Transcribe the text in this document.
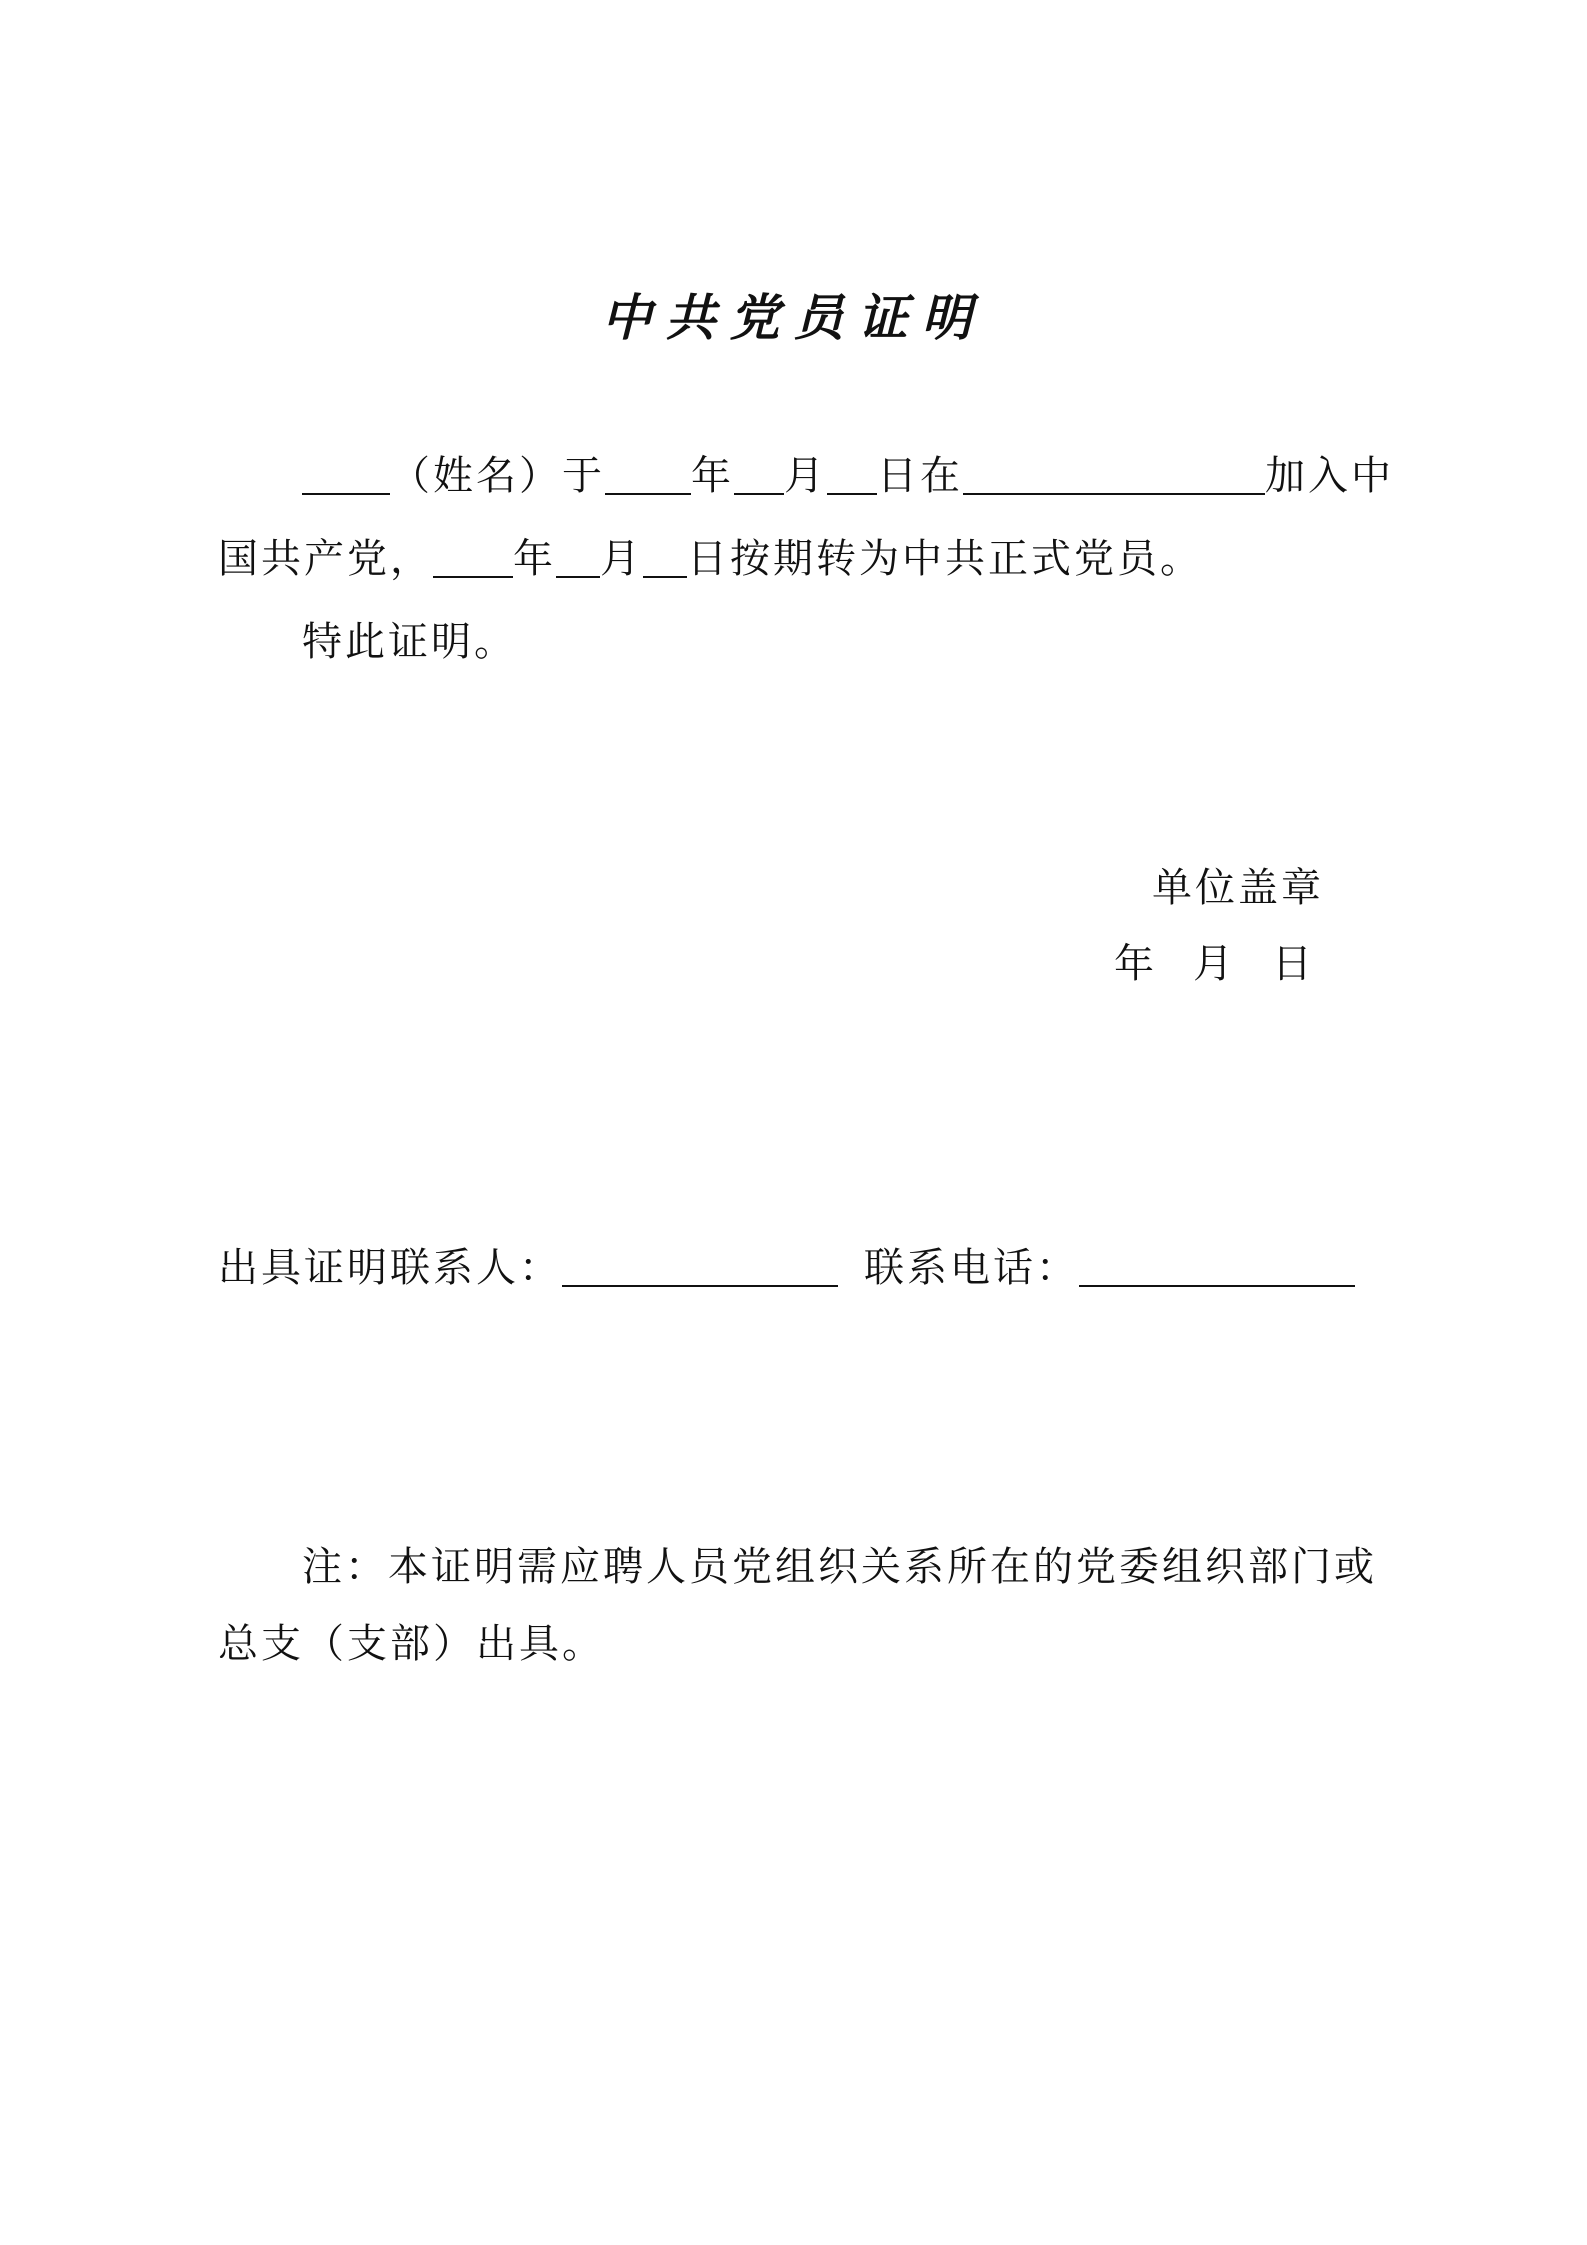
中共党员证明
（姓名）于 年 月 日在	加入中
国共产党， 年 月 日按期转为中共正式党员。
特此证明。
单位盖章
年 月 日
出具证明联系人：	联系电话：
注：本证明需应聘人员党组织关系所在的党委组织部门或
总支（支部）出具。
